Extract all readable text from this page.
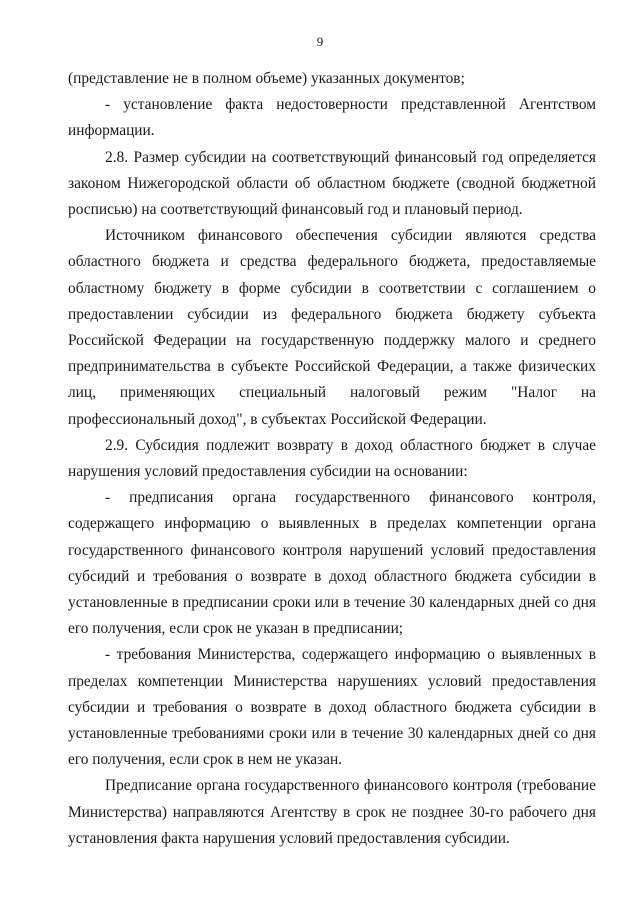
9

(представление не в полном объеме) указанных документов;

- установление факта недостоверности представленной Агентством информации.

2.8. Размер субсидии на соответствующий финансовый год определяется законом Нижегородской области об областном бюджете (сводной бюджетной росписью) на соответствующий финансовый год и плановый период.

Источником финансового обеспечения субсидии являются средства областного бюджета и средства федерального бюджета, предоставляемые областному бюджету в форме субсидии в соответствии с соглашением о предоставлении субсидии из федерального бюджета бюджету субъекта Российской Федерации на государственную поддержку малого и среднего предпринимательства в субъекте Российской Федерации, а также физических лиц, применяющих специальный налоговый режим "Налог на профессиональный доход", в субъектах Российской Федерации.

2.9. Субсидия подлежит возврату в доход областного бюджет в случае нарушения условий предоставления субсидии на основании:

- предписания органа государственного финансового контроля, содержащего информацию о выявленных в пределах компетенции органа государственного финансового контроля нарушений условий предоставления субсидий и требования о возврате в доход областного бюджета субсидии в установленные в предписании сроки или в течение 30 календарных дней со дня его получения, если срок не указан в предписании;

- требования Министерства, содержащего информацию о выявленных в пределах компетенции Министерства нарушениях условий предоставления субсидии и требования о возврате в доход областного бюджета субсидии в установленные требованиями сроки или в течение 30 календарных дней со дня его получения, если срок в нем не указан.

Предписание органа государственного финансового контроля (требование Министерства) направляются Агентству в срок не позднее 30-го рабочего дня установления факта нарушения условий предоставления субсидии.
